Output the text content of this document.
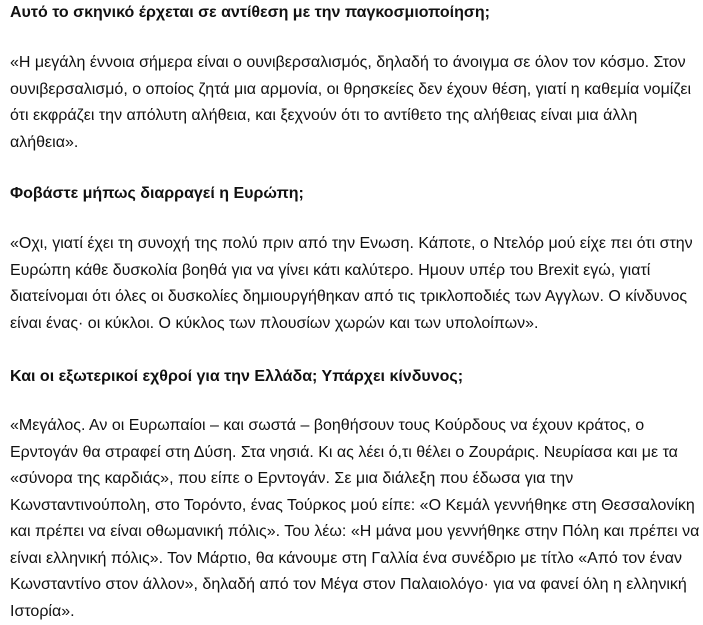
Αυτό το σκηνικό έρχεται σε αντίθεση με την παγκοσμιοποίηση;

«Η μεγάλη έννοια σήμερα είναι ο ουνιβερσαλισμός, δηλαδή το άνοιγμα σε όλον τον κόσμο. Στον ουνιβερσαλισμό, ο οποίος ζητά μια αρμονία, οι θρησκείες δεν έχουν θέση, γιατί η καθεμία νομίζει ότι εκφράζει την απόλυτη αλήθεια, και ξεχνούν ότι το αντίθετο της αλήθειας είναι μια άλλη αλήθεια».

Φοβάστε μήπως διαρραγεί η Ευρώπη;

«Οχι, γιατί έχει τη συνοχή της πολύ πριν από την Ενωση. Κάποτε, ο Ντελόρ μού είχε πει ότι στην Ευρώπη κάθε δυσκολία βοηθά για να γίνει κάτι καλύτερο. Ημουν υπέρ του Brexit εγώ, γιατί διατείνομαι ότι όλες οι δυσκολίες δημιουργήθηκαν από τις τρικλοποδιές των Αγγλων. Ο κίνδυνος είναι ένας· οι κύκλοι. Ο κύκλος των πλουσίων χωρών και των υπολοίπων».

Και οι εξωτερικοί εχθροί για την Ελλάδα; Υπάρχει κίνδυνος;

«Μεγάλος. Αν οι Ευρωπαίοι – και σωστά – βοηθήσουν τους Κούρδους να έχουν κράτος, ο Ερντογάν θα στραφεί στη Δύση. Στα νησιά. Κι ας λέει ό,τι θέλει ο Ζουράρις. Νευρίασα και με τα «σύνορα της καρδιάς», που είπε ο Ερντογάν. Σε μια διάλεξη που έδωσα για την Κωνσταντινούπολη, στο Τορόντο, ένας Τούρκος μού είπε: «Ο Κεμάλ γεννήθηκε στη Θεσσαλονίκη και πρέπει να είναι οθωμανική πόλις». Του λέω: «Η μάνα μου γεννήθηκε στην Πόλη και πρέπει να είναι ελληνική πόλις». Τον Μάρτιο, θα κάνουμε στη Γαλλία ένα συνέδριο με τίτλο «Από τον έναν Κωνσταντίνο στον άλλον», δηλαδή από τον Μέγα στον Παλαιολόγο· για να φανεί όλη η ελληνική Ιστορία».
